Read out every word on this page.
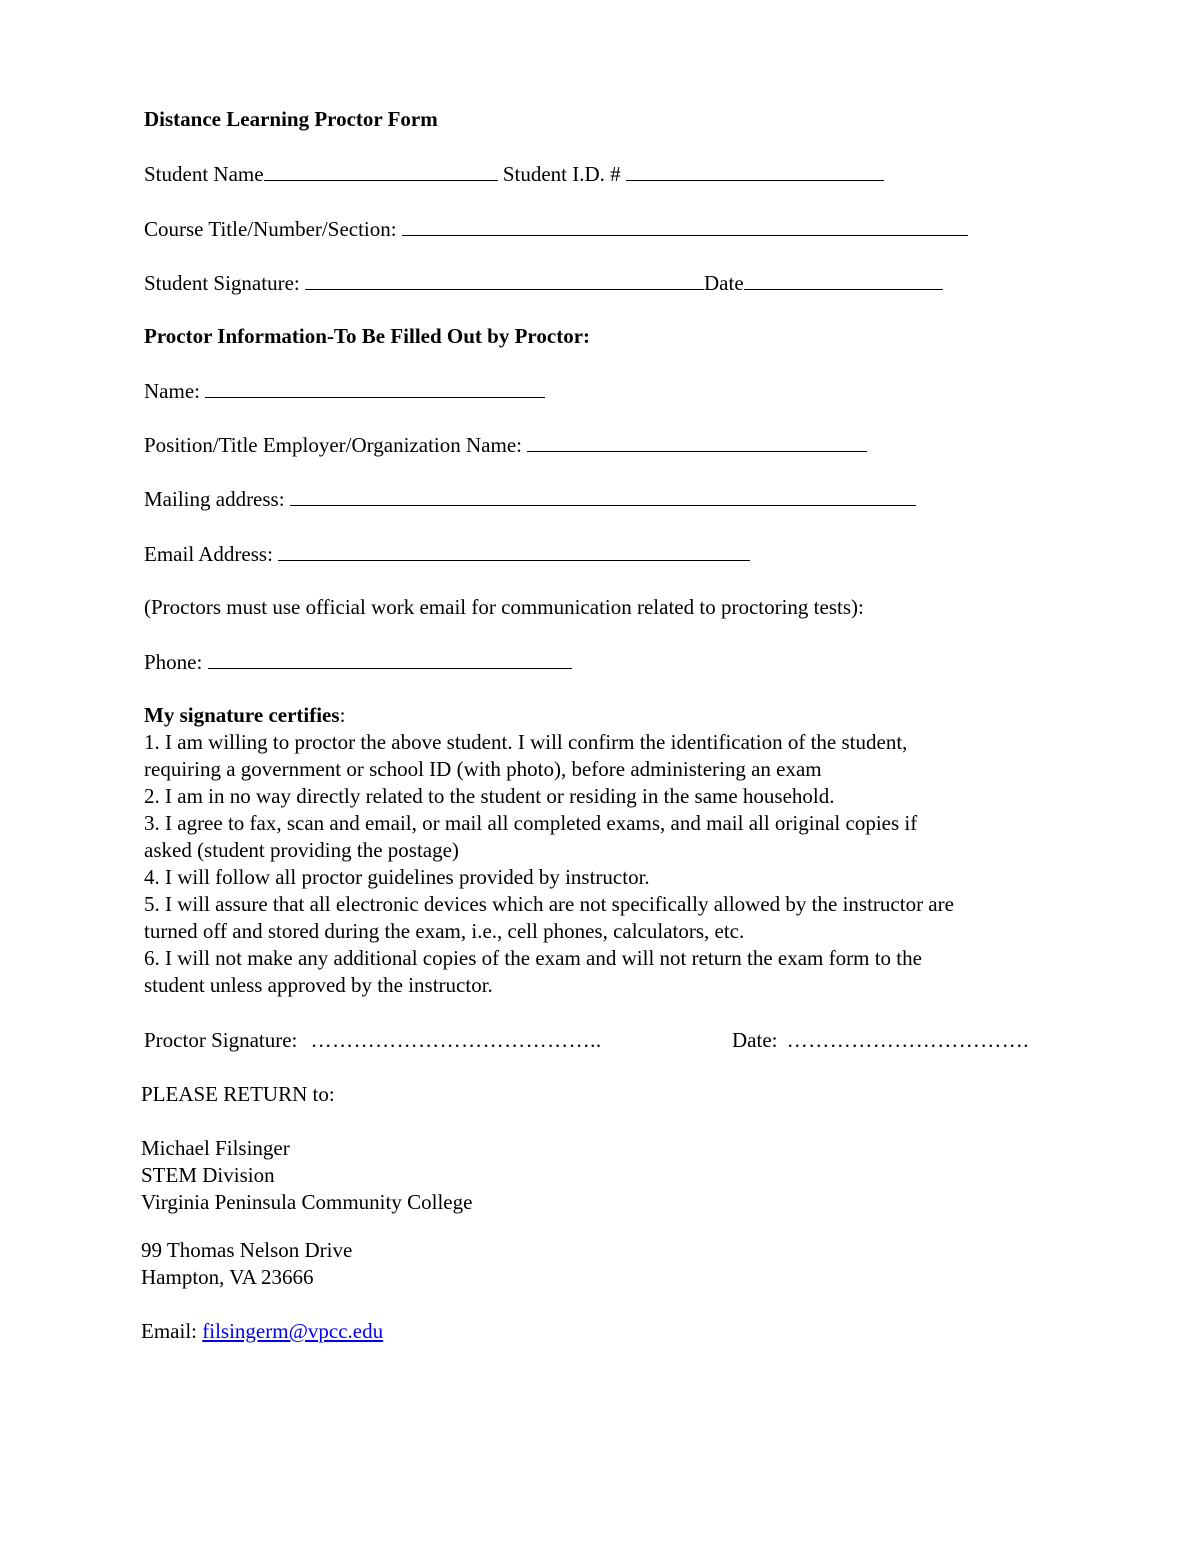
Distance Learning Proctor Form
Student Name	Student I.D. #
Course Title/Number/Section:
Student Signature:	Date
Proctor Information-To Be Filled Out by Proctor:
Name:
Position/Title Employer/Organization Name:
Mailing address:
Email Address:
(Proctors must use official work email for communication related to proctoring tests):
Phone:
My signature certifies:
1. I am willing to proctor the above student. I will confirm the identification of the student,
requiring a government or school ID (with photo), before administering an exam
2. I am in no way directly related to the student or residing in the same household.
3. I agree to fax, scan and email, or mail all completed exams, and mail all original copies if
asked (student providing the postage)
4. I will follow all proctor guidelines provided by instructor.
5. I will assure that all electronic devices which are not specifically allowed by the instructor are
turned off and stored during the exam, i.e., cell phones, calculators, etc.
6. I will not make any additional copies of the exam and will not return the exam form to the
student unless approved by the instructor.
Proctor Signature: …………………………………..	Date: …………………………….
PLEASE RETURN to:
Michael Filsinger
STEM Division
Virginia Peninsula Community College
99 Thomas Nelson Drive
Hampton, VA 23666
Email: filsingerm@vpcc.edu
